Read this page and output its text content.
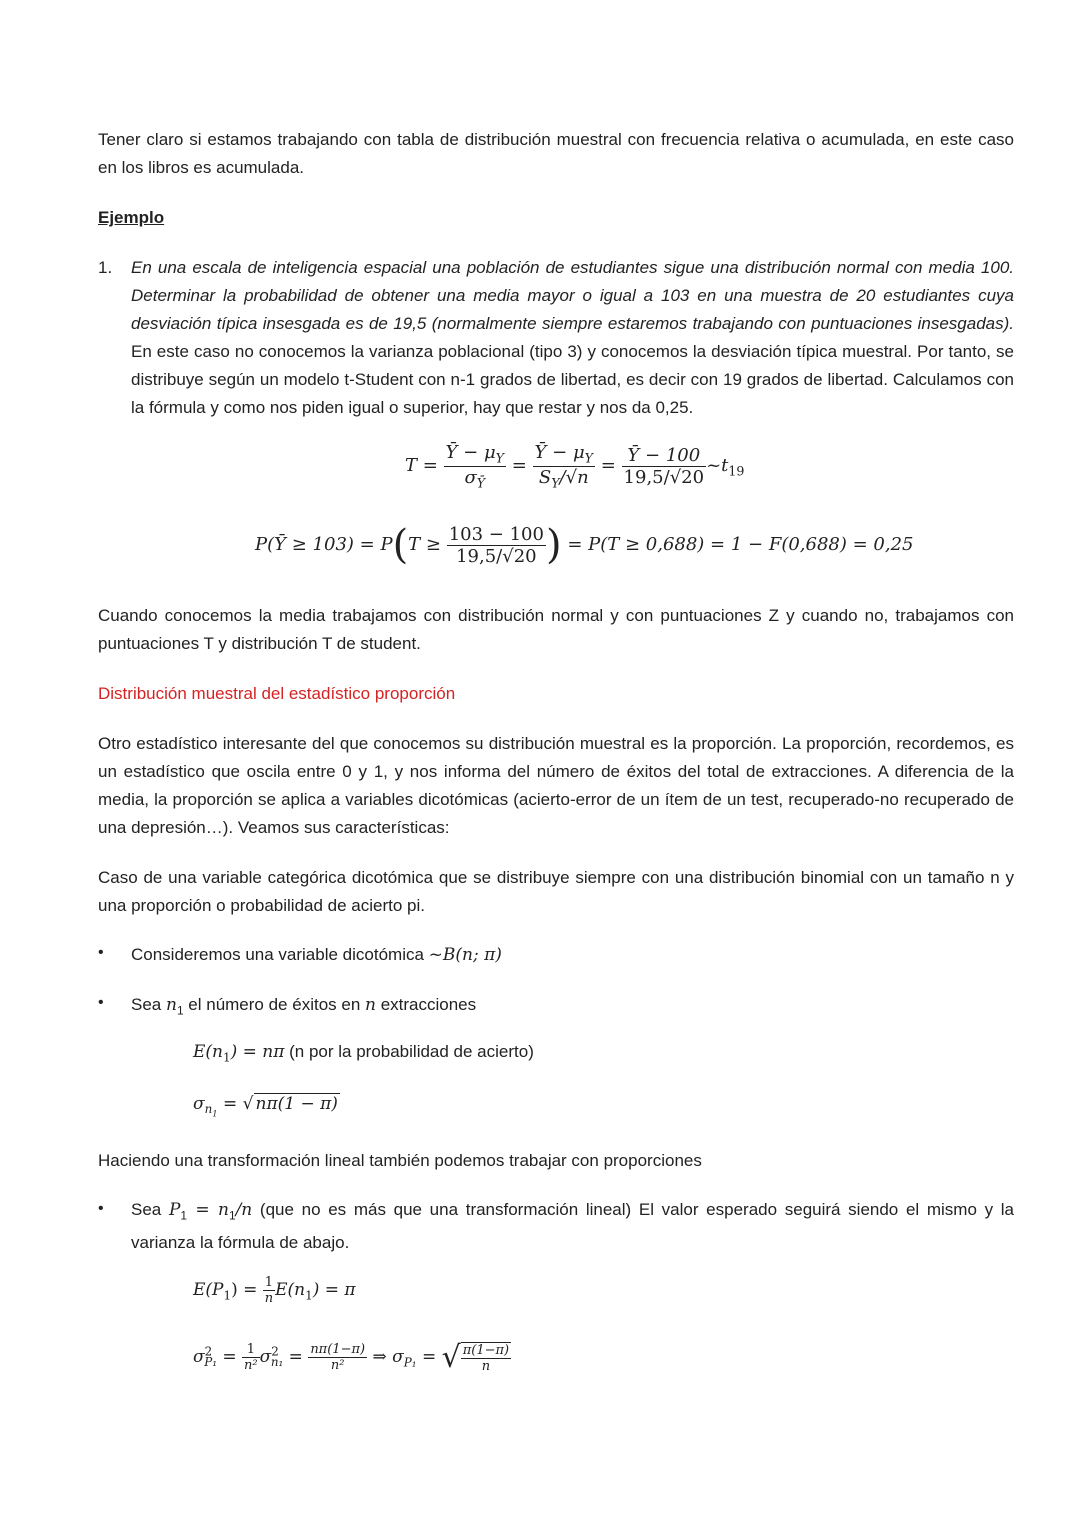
Tener claro si estamos trabajando con tabla de distribución muestral con frecuencia relativa o acumulada, en este caso en los libros es acumulada.

Ejemplo

1. En una escala de inteligencia espacial una población de estudiantes sigue una distribución normal con media 100. Determinar la probabilidad de obtener una media mayor o igual a 103 en una muestra de 20 estudiantes cuya desviación típica insesgada es de 19,5 (normalmente siempre estaremos trabajando con puntuaciones insesgadas). En este caso no conocemos la varianza poblacional (tipo 3) y conocemos la desviación típica muestral. Por tanto, se distribuye según un modelo t-Student con n-1 grados de libertad, es decir con 19 grados de libertad. Calculamos con la fórmula y como nos piden igual o superior, hay que restar y nos da 0,25.

$T = \frac{Ȳ - \mu_Y}{\sigma_Ȳ} = \frac{Ȳ - \mu_Y}{S_Y/√n} = \frac{Ȳ - 100}{19,5/√20}$ $\sim t_{19}$
P(Ȳ ≥ $103) = P(T \ge \frac{103 - 100}{19,5/√20}$ ) = P(T ≥ 0,688) = 1 − F(0,688) = 0,25

Cuando conocemos la media trabajamos con distribución normal y con puntuaciones Z y cuando no, trabajamos con puntuaciones T y distribución T de student.

Distribución muestral del estadístico proporción

Otro estadístico interesante del que conocemos su distribución muestral es la proporción. La proporción, recordemos, es un estadístico que oscila entre 0 y 1, y nos informa del número de éxitos del total de extracciones. A diferencia de la media, la proporción se aplica a variables dicotómicas (acierto-error de un ítem de un test, recuperado-no recuperado de una depresión…). Veamos sus características:

Caso de una variable categórica dicotómica que se distribuye siempre con una distribución binomial con un tamaño n y una proporción o probabilidad de acierto pi.

• Consideremos una variable dicotómica ~B(n; π)
• Sea $n_1$ el número de éxitos en n extracciones
$E(n_1) = n\pi$ (n por la probabilidad de acierto)
$\sigma_{n_1}$ = √ nπ(1 − π)

Haciendo una transformación lineal también podemos trabajar con proporciones

• Sea $P_1 = n_1/n$ (que no es más que una transformación lineal) El valor esperado seguirá siendo el mismo y la varianza la fórmula de abajo.

$E(P_1) = \frac{1}{n} E(n_1) = \pi$
$\sigma^2_{P_1} = \frac{1}{\text{n²}} \sigma^2_{n_1} = \frac{n\pi(1-\pi)}{\text{n²}}$ ⇒ $\sigma_{P_1}$ = √ $\frac{\pi(1-\pi)}{n}$
